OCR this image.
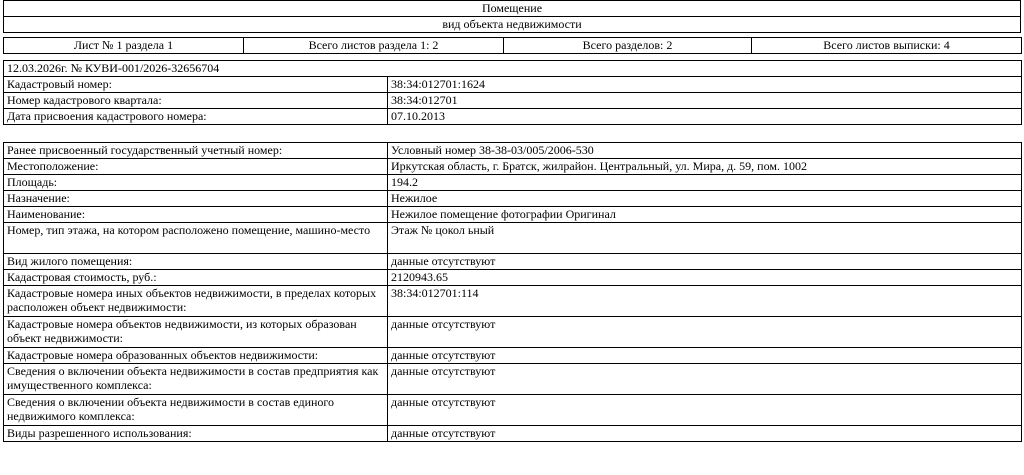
Помещение
вид объекта недвижимости
Лист № 1 раздела 1	Всего листов раздела 1: 2	Всего разделов: 2	Всего листов выписки: 4
12.03.2026г. № КУВИ-001/2026-32656704	
Кадастровый номер:	38:34:012701:1624
Номер кадастрового квартала:	38:34:012701
Дата присвоения кадастрового номера:	07.10.2013
Ранее присвоенный государственный учетный номер:	Условный номер 38-38-03/005/2006-530
Местоположение:	Иркутская область, г. Братск, жилрайон. Центральный, ул. Мира, д. 59, пом. 1002
Площадь:	194.2
Назначение:	Нежилое
Наименование:	Нежилое помещение фотографии Оригинал
Номер, тип этажа, на котором расположено помещение, машино-место	Этаж № цокол ьный
Вид жилого помещения:	данные отсутствуют
Кадастровая стоимость, руб.:	2120943.65
Кадастровые номера иных объектов недвижимости, в пределах которых расположен объект недвижимости:	38:34:012701:114
Кадастровые номера объектов недвижимости, из которых образован объект недвижимости:	данные отсутствуют
Кадастровые номера образованных объектов недвижимости:	данные отсутствуют
Сведения о включении объекта недвижимости в состав предприятия как имущественного комплекса:	данные отсутствуют
Сведения о включении объекта недвижимости в состав единого недвижимого комплекса:	данные отсутствуют
Виды разрешенного использования:	данные отсутствуют
